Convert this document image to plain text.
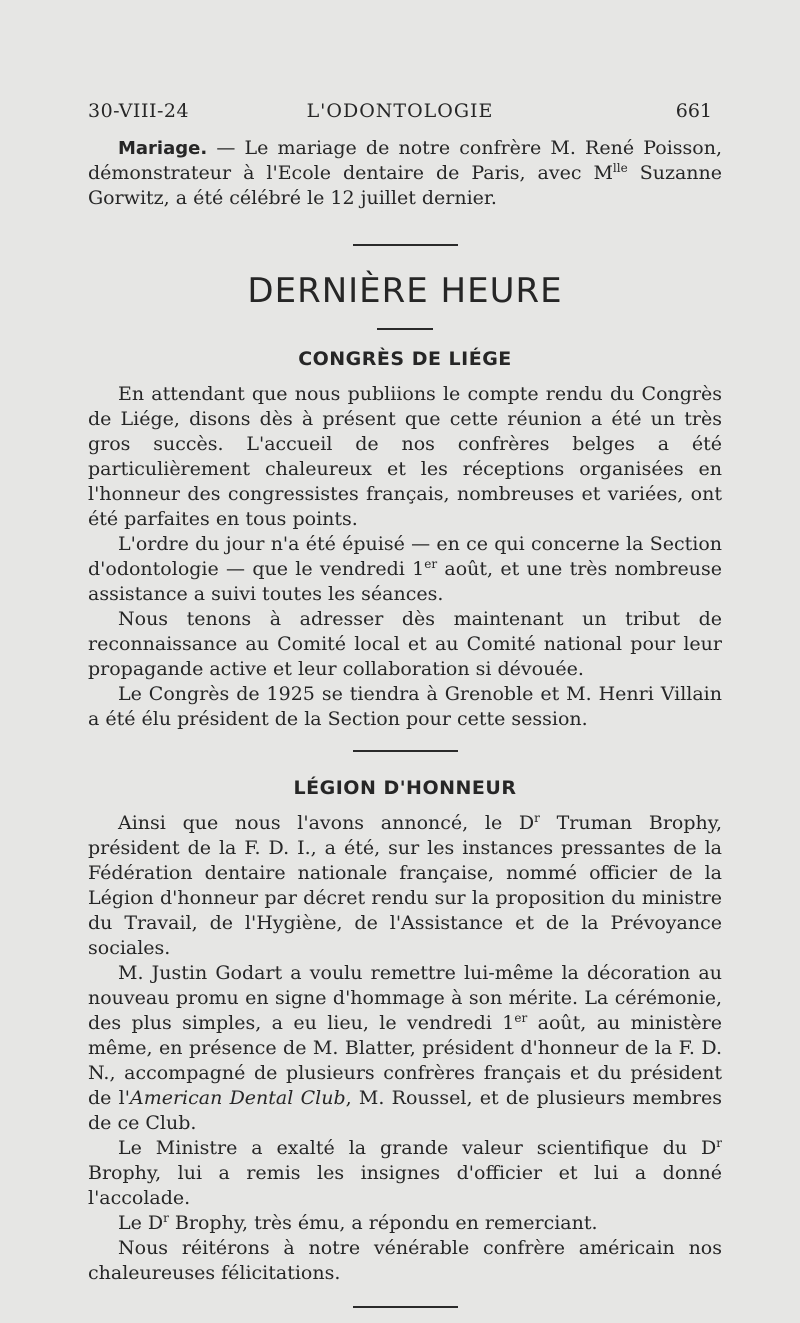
30-VIII-24	L'ODONTOLOGIE	661

Mariage. — Le mariage de notre confrère M. René Poisson, démonstrateur à l'Ecole dentaire de Paris, avec $M^{lle}$ Suzanne Gorwitz, a été célébré le 12 juillet dernier.

DERNIÈRE HEURE
CONGRÈS DE LIÉGE

En attendant que nous publiions le compte rendu du Congrès de Liége, disons dès à présent que cette réunion a été un très gros succès. L'accueil de nos confrères belges a été particulièrement chaleureux et les réceptions organisées en l'honneur des congressistes français, nombreuses et variées, ont été parfaites en tous points.

L'ordre du jour n'a été épuisé — en ce qui concerne la Section d'odontologie — que le vendredi 1er août, et une très nombreuse assistance a suivi toutes les séances.

Nous tenons à adresser dès maintenant un tribut de reconnaissance au Comité local et au Comité national pour leur propagande active et leur collaboration si dévouée.

Le Congrès de 1925 se tiendra à Grenoble et M. Henri Villain a été élu président de la Section pour cette session.

LÉGION D'HONNEUR

Ainsi que nous l'avons annoncé, le $D^r$ Truman Brophy, président de la F. D. I., a été, sur les instances pressantes de la Fédération dentaire nationale française, nommé officier de la Légion d'honneur par décret rendu sur la proposition du ministre du Travail, de l'Hygiène, de l'Assistance et de la Prévoyance sociales.

M. Justin Godart a voulu remettre lui-même la décoration au nouveau promu en signe d'hommage à son mérite. La cérémonie, des plus simples, a eu lieu, le vendredi 1er août, au ministère même, en présence de M. Blatter, président d'honneur de la F. D. N., accompagné de plusieurs confrères français et du président de l'American Dental Club, M. Roussel, et de plusieurs membres de ce Club.

Le Ministre a exalté la grande valeur scientifique du $D^r$ Brophy, lui a remis les insignes d'officier et lui a donné l'accolade.

Le $D^r$ Brophy, très ému, a répondu en remerciant.

Nous réitérons à notre vénérable confrère américain nos chaleureuses félicitations.
